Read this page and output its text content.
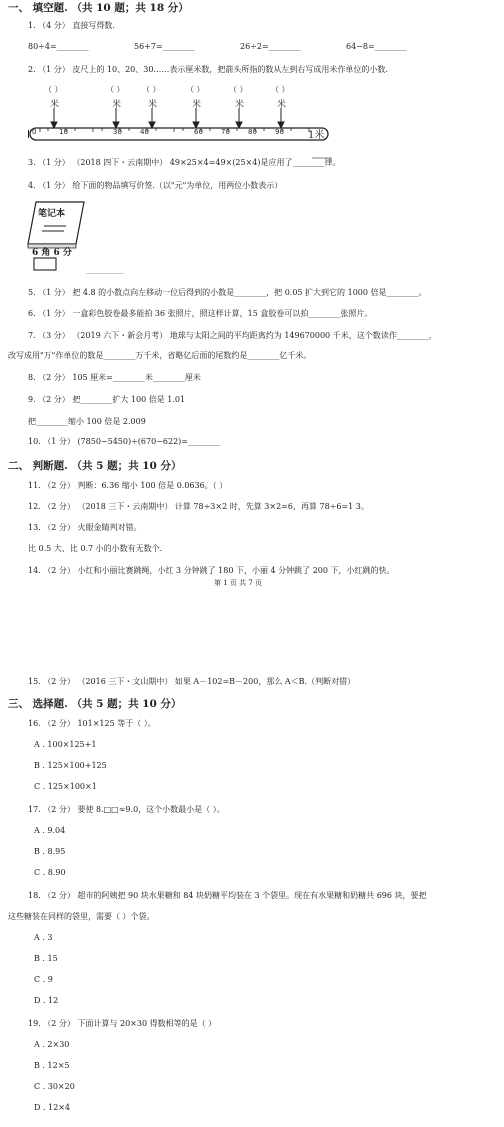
一、 填空题. （共 10 题；共 18 分）
1. （4 分） 直接写得数.
80÷4=________	56+7=________	26÷2=________	64−8=________
2. （1 分） 皮尺上的 10、20、30……表示厘米数，把箭头所指的数从左到右写成用米作单位的小数.
（ ）	（ ） （ ）	（ ）	（ ）	（ ）
米	米	米	米	米	米
0	10	30	40	60	70	80	90 1米
3. （1 分） （2018 四下・云南期中） 49×25×4=49×(25×4)是应用了________律。
4. （1 分） 给下面的物品填写价签.（以"元"为单位，用两位小数表示）
笔记本
6 角 6 分
5. （1 分） 把 4.8 的小数点向左移动一位后得到的小数是________，把 0.05 扩大到它的 1000 倍是________。
6. （1 分） 一盒彩色胶卷最多能拍 36 张照片，照这样计算，15 盒胶卷可以拍________张照片。
7. （3 分） （2019 六下・新会月考） 地球与太阳之间的平均距离约为 149670000 千米，这个数读作________，
改写成用"万"作单位的数是________万千米，省略亿后面的尾数约是________亿千米。
8. （2 分） 105 厘米=________米________厘米
9. （2 分） 把________扩大 100 倍是 1.01
把________缩小 100 倍是 2.009
10. （1 分） (7850−5450)÷(670−622)=________
二、 判断题. （共 5 题；共 10 分）
11. （2 分） 判断：6.36 缩小 100 倍是 0.0636。（ ）
12. （2 分） （2018 三下・云南期中） 计算 78÷3×2 时，先算 3×2=6，再算 78÷6=1 3。
13. （2 分） 火眼金睛判对错。
比 0.5 大、比 0.7 小的小数有无数个.
14. （2 分） 小红和小丽比赛跳绳，小红 3 分钟跳了 180 下，小丽 4 分钟跳了 200 下，小红跳的快。
第 1 页 共 7 页
15. （2 分） （2016 三下・文山期中） 如果 A－102=B－200，那么 A＜B.（判断对错）
三、 选择题. （共 5 题；共 10 分）
16. （2 分） 101×125 等于（ ）。
A . 100×125+1
B . 125×100+125
C . 125×100×1
17. （2 分） 要使 8.□□≈9.0，这个小数最小是（ ）。
A . 9.04
B . 8.95
C . 8.90
18. （2 分） 超市的阿姨把 90 块水果糖和 84 块奶糖平均装在 3 个袋里。现在有水果糖和奶糖共 696 块，要把
这些糖装在同样的袋里，需要（ ）个袋。
A . 3
B . 15
C . 9
D . 12
19. （2 分） 下面计算与 20×30 得数相等的是（ ）
A . 2×30
B . 12×5
C . 30×20
D . 12×4
